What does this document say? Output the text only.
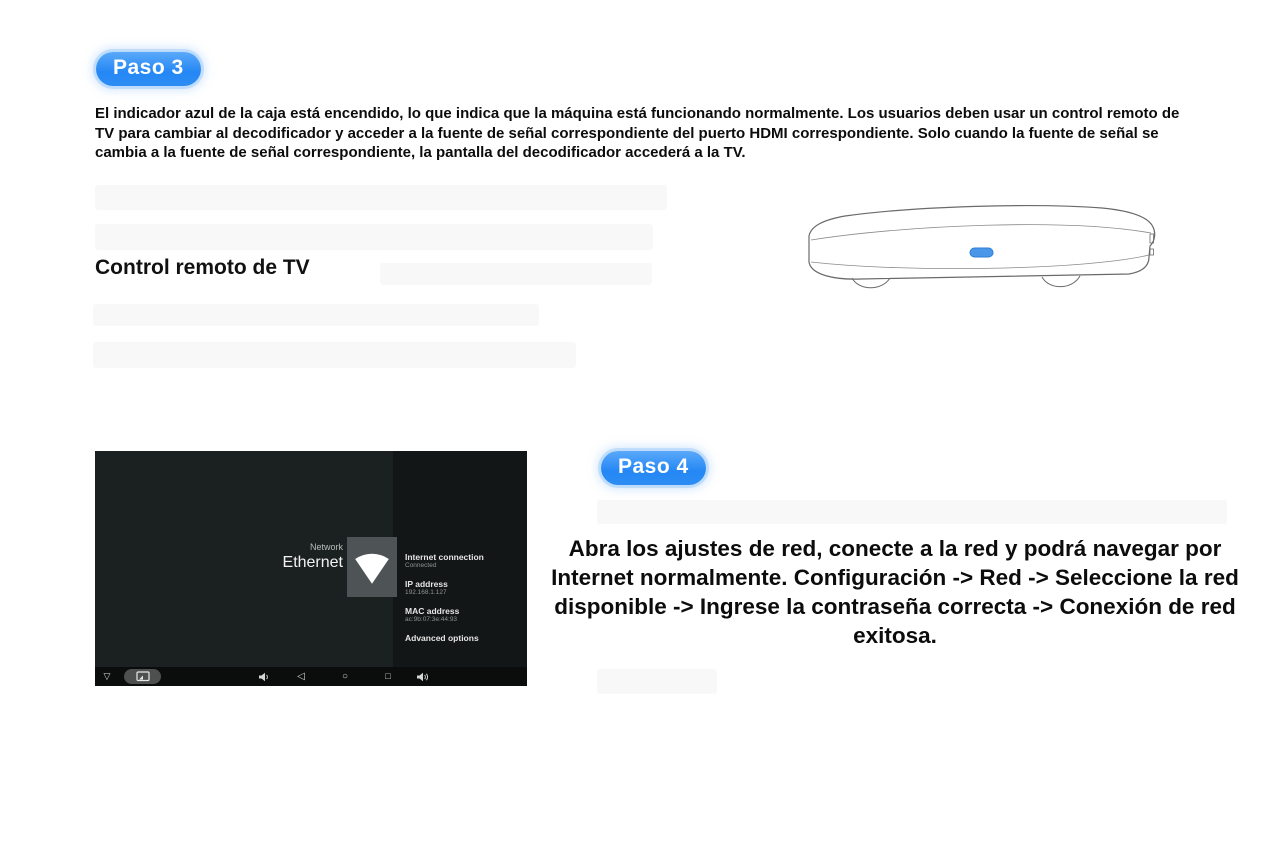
Paso 3

El indicador azul de la caja está encendido, lo que indica que la máquina está funcionando normalmente. Los usuarios deben usar un control remoto de TV para cambiar al decodificador y acceder a la fuente de señal correspondiente del puerto HDMI correspondiente. Solo cuando la fuente de señal se cambia a la fuente de señal correspondiente, la pantalla del decodificador accederá a la TV.

Control remoto de TV
Network
Ethernet	Internet connection
Connected
IP address
192.168.1.127
MAC address
ac:9b:07:3e:44:93
Advanced options
▽	◁	○	□
Paso 4

Abra los ajustes de red, conecte a la red y podrá navegar por Internet normalmente. Configuración -> Red -> Seleccione la red disponible -> Ingrese la contraseña correcta -> Conexión de red exitosa.
